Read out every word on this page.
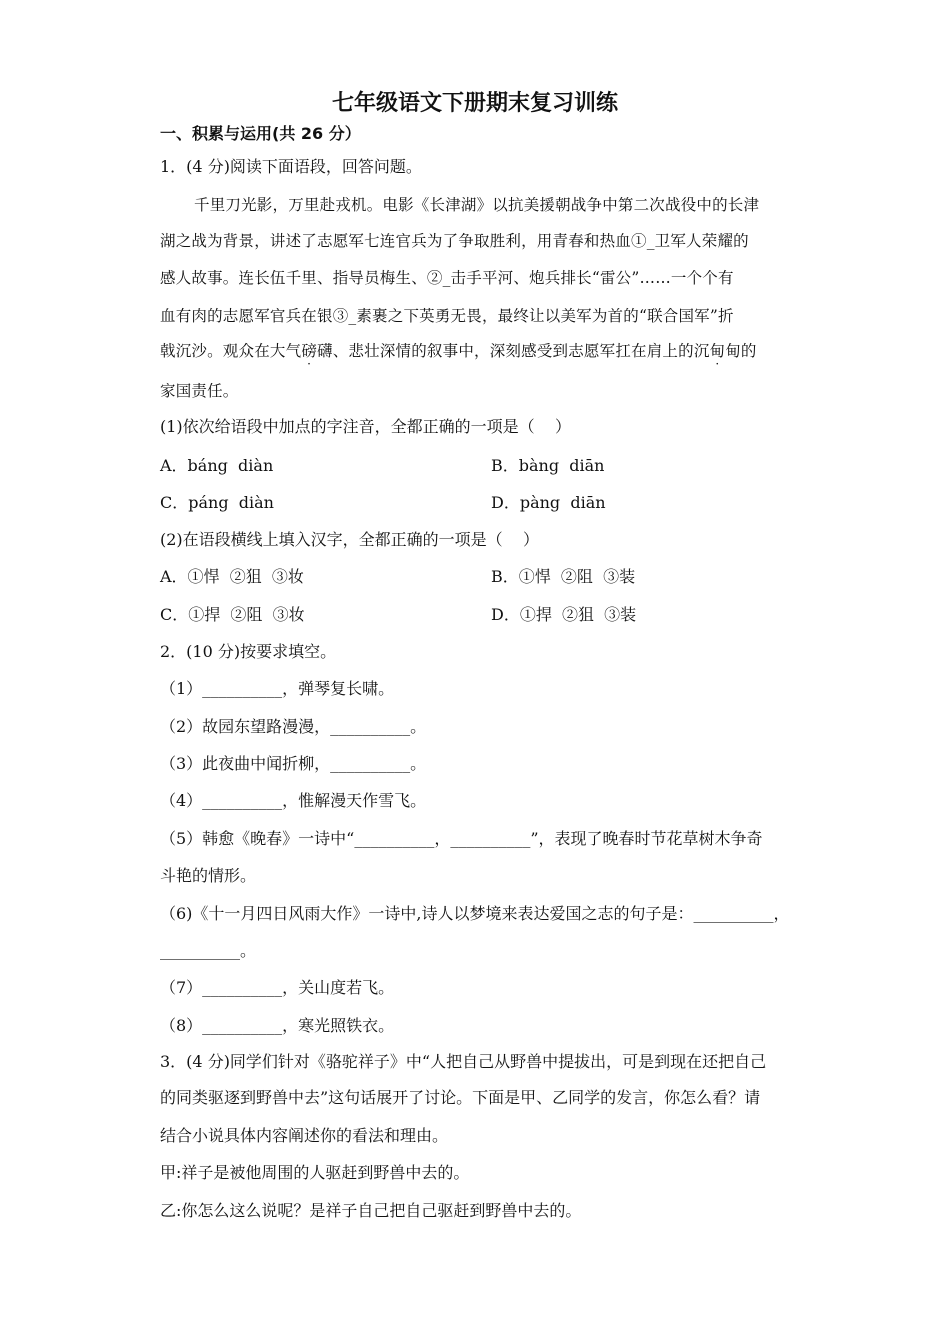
七年级语文下册期末复习训练
一、积累与运用(共 26 分）
1．(4 分)阅读下面语段，回答问题。
千里刀光影，万里赴戎机。电影《长津湖》以抗美援朝战争中第二次战役中的长津
湖之战为背景，讲述了志愿军七连官兵为了争取胜利，用青春和热血①_卫军人荣耀的
感人故事。连长伍千里、指导员梅生、②_击手平河、炮兵排长“雷公”……一个个有
血有肉的志愿军官兵在银③_素裹之下英勇无畏，最终让以美军为首的“联合国军”折
戟沉沙。观众在大气磅礴、悲壮深情的叙事中，深刻感受到志愿军扛在肩上的沉甸甸的
家国责任。
(1)依次给语段中加点的字注音，全都正确的一项是（    ）
A．báng  diàn	B．bàng  diān
C．páng  diàn	D．pàng  diān
(2)在语段横线上填入汉字，全都正确的一项是（    ）
A．①悍  ②狙  ③妆	B．①悍  ②阻  ③装
C．①捍  ②阻  ③妆	D．①捍  ②狙  ③装
2．(10 分)按要求填空。
（1）__________，弹琴复长啸。
（2）故园东望路漫漫，__________。
（3）此夜曲中闻折柳，__________。
（4）__________，惟解漫天作雪飞。
（5）韩愈《晚春》一诗中“__________，__________”，表现了晚春时节花草树木争奇
斗艳的情形。
（6)《十一月四日风雨大作》一诗中,诗人以梦境来表达爱国之志的句子是：__________，
__________。
（7）__________，关山度若飞。
（8）__________，寒光照铁衣。
3．(4 分)同学们针对《骆驼祥子》中“人把自己从野兽中提拔出，可是到现在还把自己
的同类驱逐到野兽中去”这句话展开了讨论。下面是甲、乙同学的发言，你怎么看？请
结合小说具体内容阐述你的看法和理由。
甲:祥子是被他周围的人驱赶到野兽中去的。
乙:你怎么这么说呢？是祥子自己把自己驱赶到野兽中去的。
